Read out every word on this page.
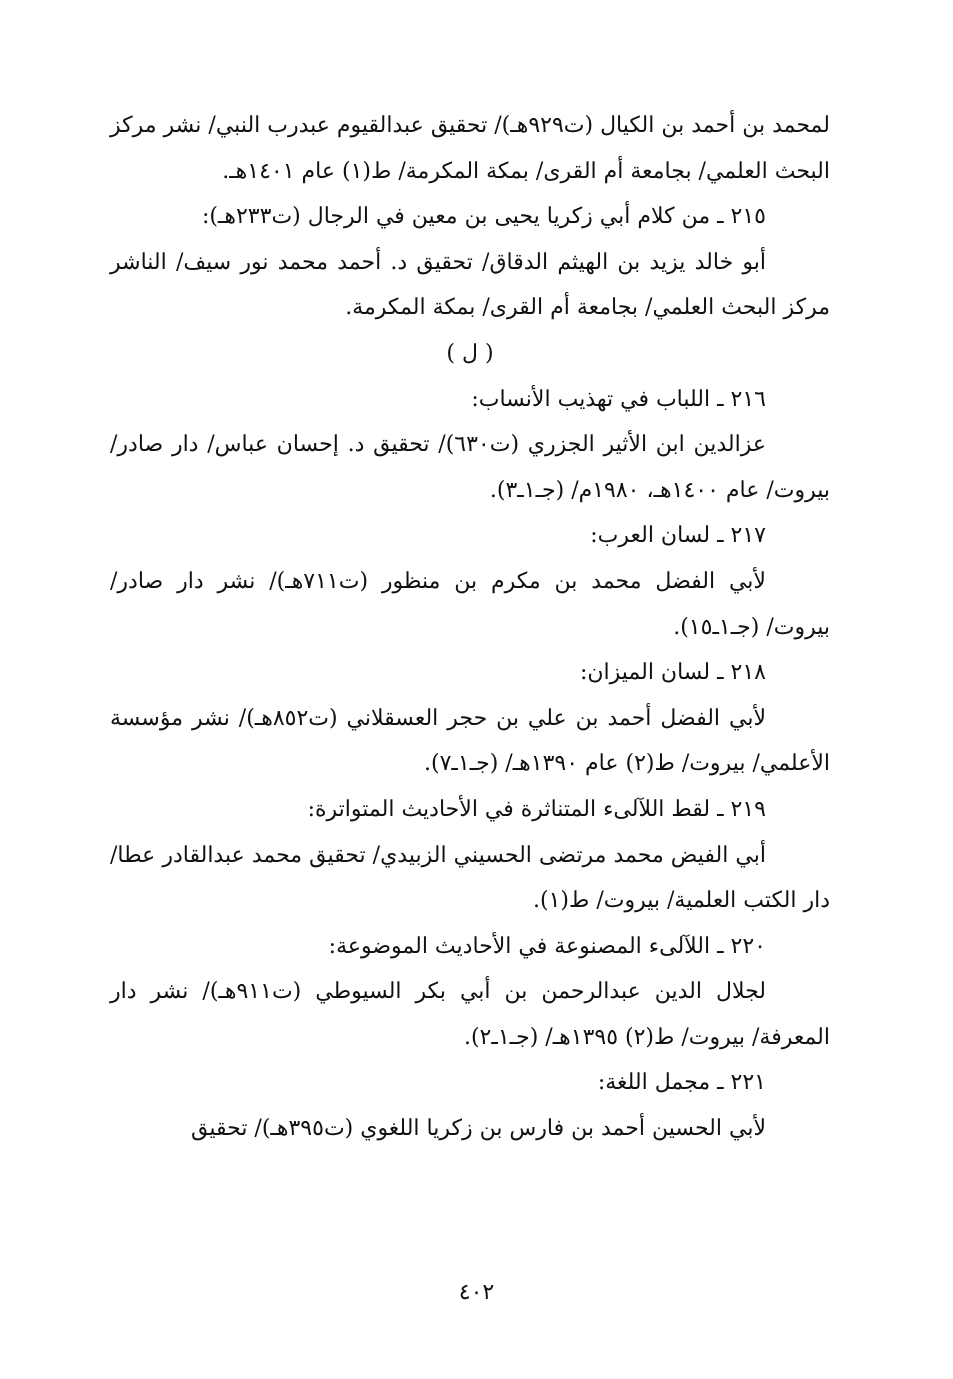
لمحمد بن أحمد بن الكيال (ت٩٢٩هـ)/ تحقيق عبدالقيوم عبدرب النبي/ نشر مركز البحث العلمي/ بجامعة أم القرى/ بمكة المكرمة/ ط(١) عام ١٤٠١هـ.

٢١٥ ـ من كلام أبي زكريا يحيى بن معين في الرجال (ت٢٣٣هـ):

أبو خالد يزيد بن الهيثم الدقاق/ تحقيق د. أحمد محمد نور سيف/ الناشر مركز البحث العلمي/ بجامعة أم القرى/ بمكة المكرمة.

( ل )

٢١٦ ـ اللباب في تهذيب الأنساب:

عزالدين ابن الأثير الجزري (ت٦٣٠)/ تحقيق د. إحسان عباس/ دار صادر/ بيروت/ عام ١٤٠٠هـ، ١٩٨٠م/ (جـ١ـ٣).

٢١٧ ـ لسان العرب:

لأبي الفضل محمد بن مكرم بن منظور (ت٧١١هـ)/ نشر دار صادر/ بيروت/ (جـ١ـ١٥).

٢١٨ ـ لسان الميزان:

لأبي الفضل أحمد بن علي بن حجر العسقلاني (ت٨٥٢هـ)/ نشر مؤسسة الأعلمي/ بيروت/ ط(٢) عام ١٣٩٠هـ/ (جـ١ـ٧).

٢١٩ ـ لقط اللآلىء المتناثرة في الأحاديث المتواترة:

أبي الفيض محمد مرتضى الحسيني الزبيدي/ تحقيق محمد عبدالقادر عطا/ دار الكتب العلمية/ بيروت/ ط(١).

٢٢٠ ـ اللآلىء المصنوعة في الأحاديث الموضوعة:

لجلال الدين عبدالرحمن بن أبي بكر السيوطي (ت٩١١هـ)/ نشر دار المعرفة/ بيروت/ ط(٢) ١٣٩٥هـ/ (جـ١ـ٢).

٢٢١ ـ مجمل اللغة:

لأبي الحسين أحمد بن فارس بن زكريا اللغوي (ت٣٩٥هـ)/ تحقيق

٤٠٢
